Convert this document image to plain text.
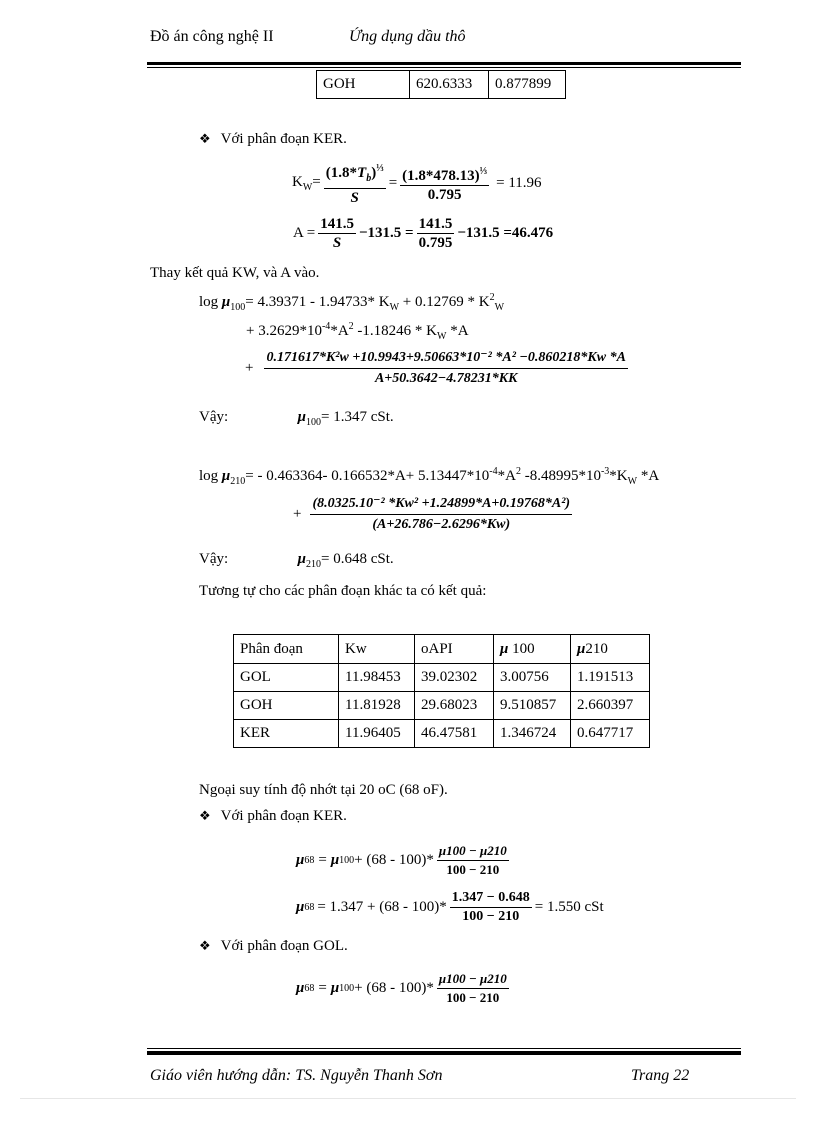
Đồ án công nghệ II	Ứng dụng dầu thô
GOH	620.6333	0.877899
❖ Với phân đoạn KER.
$K_W= \frac{(1.8*T_b)^{\frac{1}{3}}}{S} = \frac{(1.8*478.13)^{\frac{1}{3}}}{0.795} = 11.96$
$A = \frac{141.5}{S} -131.5 = \frac{141.5}{0.795} -131.5 =46.476$
Thay kết quả KW, và A vào.
$\log \mu_{100}= 4.39371 - 1.94733*$ $K_W + 0.12769 * K^2_W$
+ $3.2629*10^{-4}*A^2$ $-1.18246 * K_W$ *A
+ $\frac{\text{0.171617*K²w +10.9943+9.50663*10⁻² *A² −0.860218*Kw *A}}{A+50.3642-4.78231*KK}$
Vậy:	$\mu_{100}= 1.347$ cSt.
$\log \mu_{210}= - 0.463364-$ $0.166532*A+ 5.13447*10^{-4}*A^2$ $-8.48995*10^{-3}*K_W$ *A
+ $\frac{\text{(8.0325.10⁻² *Kw² +1.24899*A+0.19768*A²)}}{(A+26.786-2.6296*Kw)}$
Vậy:	$\mu_{210}= 0.648$ cSt.
Tương tự cho các phân đoạn khác ta có kết quả:
Phân đoạn	Kw	oAPI	μ 100	μ210
GOL	11.98453	39.02302	3.00756	1.191513
GOH	11.81928	29.68023	9.510857	2.660397
KER	11.96405	46.47581	1.346724	0.647717
Ngoại suy tính độ nhớt tại 20 oC (68 oF).
❖ Với phân đoạn KER.
μ 68 = μ $100 + (68 - 100)* \frac{\mu 100 - \mu 210}{100 - 210}$
μ $68 = 1.347 + (68 - 100)* \frac{1.347 - 0.648}{100 - 210} = 1.550$ cSt
❖ Với phân đoạn GOL.
μ 68 = μ $100 + (68 - 100)* \frac{\mu 100 - \mu 210}{100 - 210}$
Giáo viên hướng dẫn: TS. Nguyễn Thanh Sơn	Trang 22
